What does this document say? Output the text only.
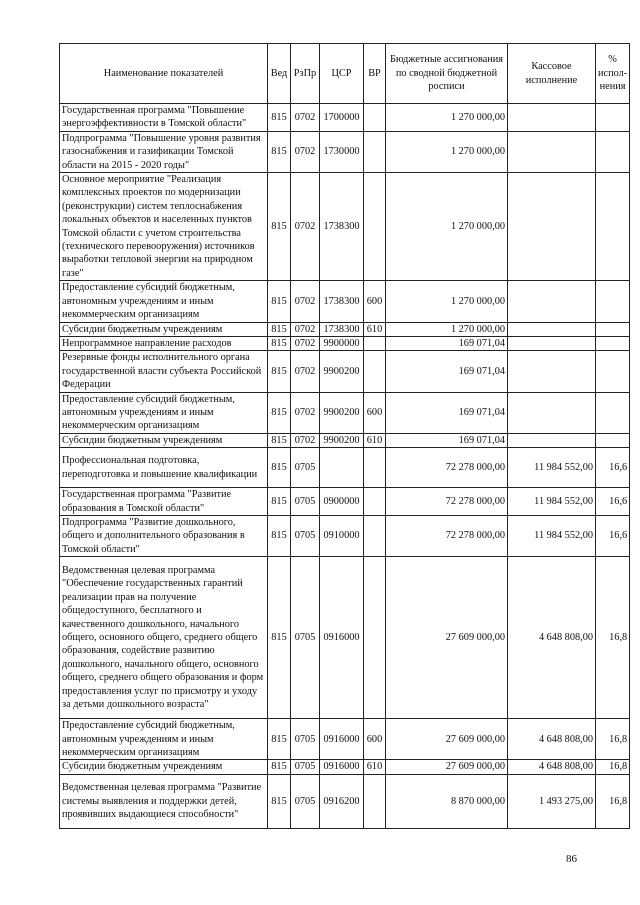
Наименование показателей	Вед	РзПр	ЦСР	ВР	Бюджетные ассигнования по сводной бюджетной росписи	Кассовое исполнение	% испол-нения
Государственная программа "Повышение энергоэффективности в Томской области"	815	0702	1700000		1 270 000,00		
Подпрограмма "Повышение уровня развития газоснабжения и газификации Томской области на 2015 - 2020 годы"	815	0702	1730000		1 270 000,00		
Основное мероприятие "Реализация комплексных проектов по модернизации (реконструкции) систем теплоснабжения локальных объектов и населенных пунктов Томской области с учетом строительства (технического перевооружения) источников выработки тепловой энергии на природном газе"	815	0702	1738300		1 270 000,00		
Предоставление субсидий бюджетным, автономным учреждениям и иным некоммерческим организациям	815	0702	1738300	600	1 270 000,00		
Субсидии бюджетным учреждениям	815	0702	1738300	610	1 270 000,00		
Непрограммное направление расходов	815	0702	9900000		169 071,04		
Резервные фонды исполнительного органа государственной власти субъекта Российской Федерации	815	0702	9900200		169 071,04		
Предоставление субсидий бюджетным, автономным учреждениям и иным некоммерческим организациям	815	0702	9900200	600	169 071,04		
Субсидии бюджетным учреждениям	815	0702	9900200	610	169 071,04		
Профессиональная подготовка, переподготовка и повышение квалификации	815	0705			72 278 000,00	11 984 552,00	16,6
Государственная программа "Развитие образования в Томской области"	815	0705	0900000		72 278 000,00	11 984 552,00	16,6
Подпрограмма "Развитие дошкольного, общего и дополнительного образования в Томской области"	815	0705	0910000		72 278 000,00	11 984 552,00	16,6
Ведомственная целевая программа "Обеспечение государственных гарантий реализации прав на получение общедоступного, бесплатного и качественного дошкольного, начального общего, основного общего, среднего общего образования, содействие развитию дошкольного, начального общего, основного общего, среднего общего образования и форм предоставления услуг по присмотру и уходу за детьми дошкольного возраста"	815	0705	0916000		27 609 000,00	4 648 808,00	16,8
Предоставление субсидий бюджетным, автономным учреждениям и иным некоммерческим организациям	815	0705	0916000	600	27 609 000,00	4 648 808,00	16,8
Субсидии бюджетным учреждениям	815	0705	0916000	610	27 609 000,00	4 648 808,00	16,8
Ведомственная целевая программа "Развитие системы выявления и поддержки детей, проявивших выдающиеся способности"	815	0705	0916200		8 870 000,00	1 493 275,00	16,8
86
